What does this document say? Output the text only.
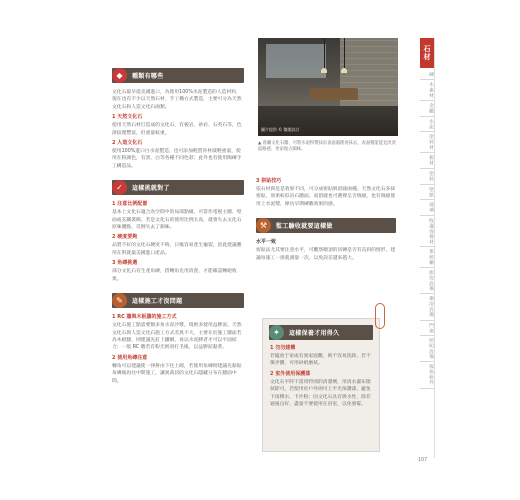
◆	種類有哪些
文化石最早從美國進口，為使用100%水泥製造的人造材料，現在也有不少以天然石材、手工構方式製造，主要可分為天然文化石和人造文化石兩類。
1 天然文化石
使用天然石材打造成的文化石，有板岩、砂岩、石英石等，色澤紋理豐富，但重量較重。
2 人造文化石
使用100%進口白水泥製造，也可添加輕質骨材減輕重量，使用在粉調色，有黑、白等各種不同色彩；此外也有使用陶磚手工構造品。
✓	這樣挑就對了
1 注意比例配置
基本上文化石適合為空間中的局部點綴，可當作電視主牆、壁面或玄關裝飾。若是文化石的使用比例太高，就會失去文化石原味優點，反倒失去了韻味。
2 硬度要夠
品質不好的文化石硬度不夠，日後容易產生龜裂，因此建議應用在對就築美國進口產品。
3 角磚挑選
部分文化石有生產角磚，搭轉角先用清瓷、才能確認轉絕收果。
✎	這樣施工才沒問題
1 RC 牆與木板牆的施工方式
文化石施工點需要類多角水泥沙漿，現則多使用益膠泥。天然文化石與人造文化石施工方式差異不大，主要在於施工牆面若為木板牆，則建議先釘上鐵網，再以水泥膠者才可以平面結合；一般 RC 牆若有粉光則須打毛後，以益膠泥黏著。
2 使用角磚注意
轉角可以建議使一律拼由下往上砌，若使用角磚則建議先黏貼角磚後再往中間施工，讓異裁切的文化石隱藏分布在牆面中間。
圖片提供 © 馥閣設計
▲ 客廳文化石牆，可將水泥粉漿抹於表面處理再抹去，表面稍能能見淡淡紋路感，更添復古韻味。
3 拼貼技巧
依石材與是是效果不同，可分成密貼與留縫兩種。天然文化石多採密貼，效果較似岩石牆面，而留縫也可選擇呈否填縫，也有填縫使用上水泥漿，條仿早期磚牆效果的感。
⚒	監工驗收就要這樣做
水平一致
密貼法尤其要注意水平，可觀察牆頂的切磚是否有直斜的情形，建議每施工一排就測量一次，以免誤差越來越大。
✦	這樣保養才用得久
1 勿勿建構
若擺放于家或有異家庭觀，則不容易洗除，若不慎弄髒，可用砂紙磨拭。
2 室外使用保護漆
文化石平時不需用特別的清潔劑，用清水濕布擦拭即可。若使用於戶外則可上平光保護漆，避免下雨積水、卡沙粉；因文化石具有吸水性，除非通風良好，盡量不要使用在浴室，以免發霉。
石材
磚
木素材
金屬
水泥
塗料材
板材
塗料
壁紙
玻璃
收邊保養材
系統櫃
廚房設備
衛浴設備
門窗
照明設備
傢俱軟件
107
